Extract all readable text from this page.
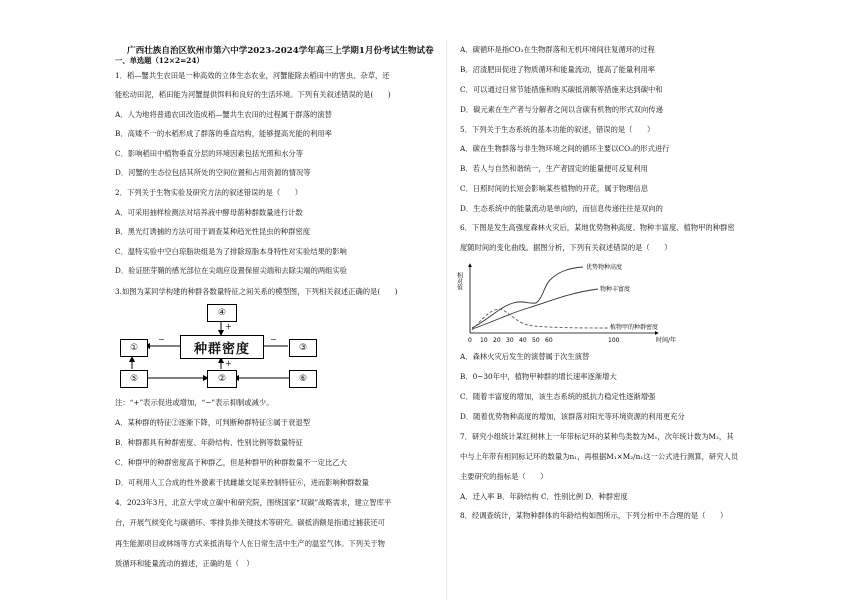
广西壮族自治区钦州市第六中学2023-2024学年高三上学期1月份考试生物试卷
一、单选题（12×2=24）
1．稻—蟹共生农田是一种高效的立体生态农业，河蟹能除去稻田中的害虫、杂草，还
能松动田泥，稻田能为河蟹提供饵料和良好的生活环境。下列有关叙述错误的是(　　)
A．人为地将普通农田改造成稻—蟹共生农田的过程属于群落的演替
B．高矮不一的水稻形成了群落的垂直结构，能够提高光能的利用率
C．影响稻田中植物垂直分层的环境因素包括光照和水分等
D．河蟹的生态位包括其所处的空间位置和占用资源的情况等
2．下列关于生物实验及研究方法的叙述错误的是（　　）
A．可采用抽样检测法对培养液中酵母菌种群数量进行计数
B．黑光灯诱捕的方法可用于调查某种趋光性昆虫的种群密度
C．温特实验中空白琼脂块组是为了排除琼脂本身特性对实验结果的影响
D．验证胚芽鞘的感光部位在尖端应设置保留尖端和去除尖端的两组实验
3.如图为某同学构建的种群各数量特征之间关系的模型图，下列相关叙述正确的是(　　)
④
种群密度
①	③
②
⑤	⑥
+
−	−
+
注：“+”表示促进或增加，“−”表示抑制或减少。
A．某种群的特征②逐渐下降，可判断种群特征⑤属于衰退型
B．种群都具有种群密度、年龄结构、性别比例等数量特征
C．种群甲的种群密度高于种群乙，但是种群甲的种群数量不一定比乙大
D．可利用人工合成的性外激素干扰雌雄交尾来控制特征⑥，进而影响种群数量
4．2023年3月，北京大学成立碳中和研究院，围绕国家“双碳”战略需求，建立智库平
台，开展气候变化与碳循环、零排负排关键技术等研究。碳抵消额是指通过捕获还可
再生能源项目或林场等方式来抵消每个人在日常生活中生产的温室气体。下列关于物
质循环和能量流动的描述，正确的是（　）
A．碳循环是指CO₂在生物群落和无机环境间往复循环的过程
B．沼渣肥田促进了物质循环和能量流动，提高了能量利用率
C．可以通过日常节能措施和购买碳抵消额等措施来达到碳中和
D．碳元素在生产者与分解者之间以含碳有机物的形式双向传递
5．下列关于生态系统的基本功能的叙述，错误的是（　　）
A．碳在生物群落与非生物环境之间的循环主要以CO₂的形式进行
B．若人与自然和谐统一，生产者固定的能量便可反复利用
C．日照时间的长短会影响某些植物的开花，属于物理信息
D．生态系统中的能量流动是单向的，而信息传递往往是双向的
6．下图是发生高强度森林火灾后，某地优势物种高度、物种丰富度、植物甲的种群密
度随时间的变化曲线。据图分析，下列有关叙述错误的是（　　）
相对值
优势物种高度
物种丰富度
植物甲的种群密度
0 10 20 30 40 50 60	100	时间/年
A．森林火灾后发生的演替属于次生演替
B．0~30年中，植物甲种群的增长速率逐渐增大
C．随着丰富度的增加，该生态系统的抵抗力稳定性逐渐增强
D．随着优势物种高度的增加，该群落对阳光等环境资源的利用更充分
7．研究小组统计某红树林上一年带标记环的某种鸟类数为M₁，次年统计数为M₂，其
中与上年带有相同标记环的数量为n₁，再根据M₁×M₂/n₁这一公式进行测算，研究人员
主要研究的指标是（　　）
A．迁入率 B．年龄结构 C．性别比例 D．种群密度
8．经调查统计，某物种群体的年龄结构如图所示，下列分析中不合理的是（　　）
